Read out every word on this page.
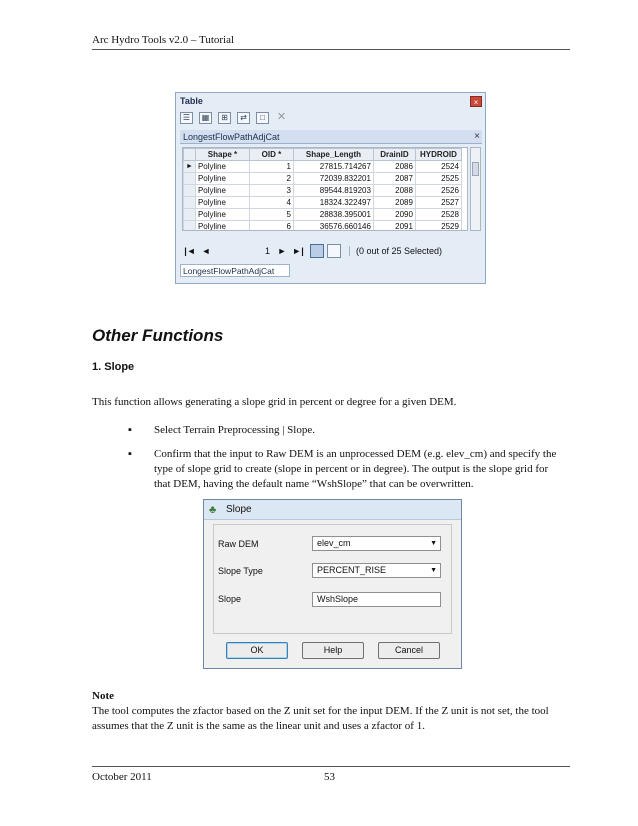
Arc Hydro Tools v2.0 – Tutorial
Table	×
☰	▦	⊞	⇄	□	✕
LongestFlowPathAdjCat	×
	Shape *	OID *	Shape_Length	DrainID	HYDROID
►	Polyline	1	27815.714267	2086	2524
	Polyline	2	72039.832201	2087	2525
	Polyline	3	89544.819203	2088	2526
	Polyline	4	18324.322497	2089	2527
	Polyline	5	28838.395001	2090	2528
	Polyline	6	36576.660146	2091	2529
|◄ ◄	1 ► ►|	(0 out of 25 Selected)
LongestFlowPathAdjCat
Other Functions
1. Slope
This function allows generating a slope grid in percent or degree for a given DEM.
▪ Select Terrain Preprocessing | Slope.
▪ Confirm that the input to Raw DEM is an unprocessed DEM (e.g. elev_cm) and specify the type of slope grid to create (slope in percent or in degree). The output is the slope grid for that DEM, having the default name “WshSlope” that can be overwritten.
Slope
♣
Raw DEM	elev_cm	▼
Slope Type	PERCENT_RISE	▼
Slope	WshSlope
OK	Help	Cancel
Note
The tool computes the zfactor based on the Z unit set for the input DEM. If the Z unit is not set, the tool assumes that the Z unit is the same as the linear unit and uses a zfactor of 1.
October 2011	53
